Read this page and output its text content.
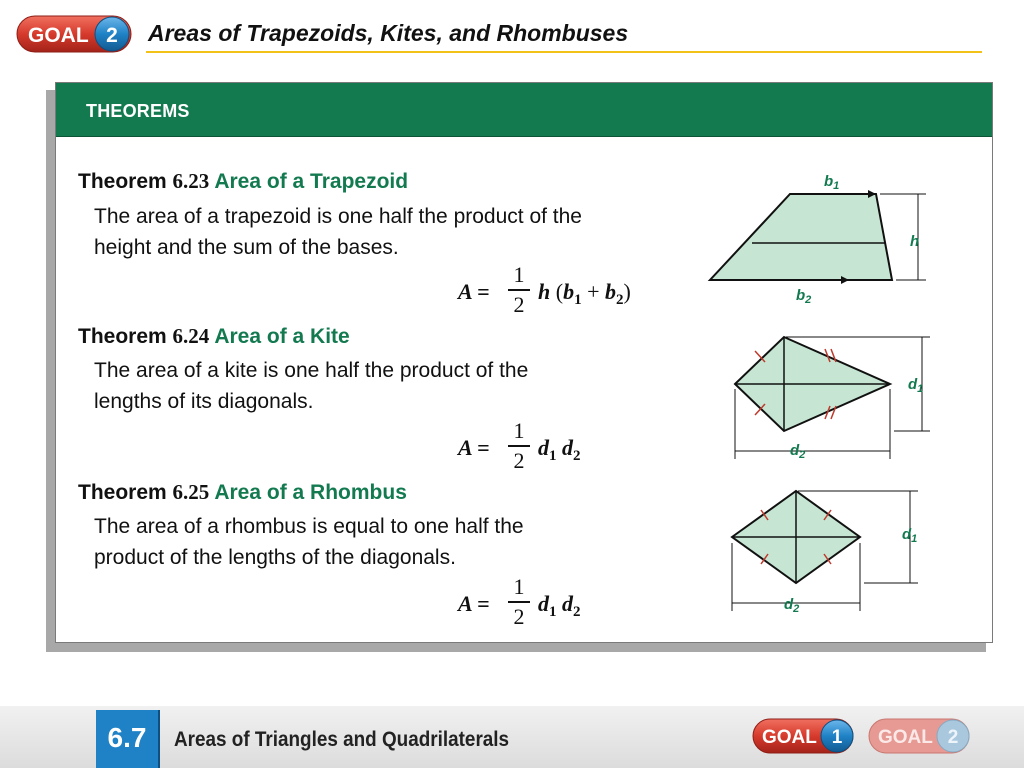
GOAL 2 Areas of Trapezoids, Kites, and Rhombuses
THEOREMS

Theorem 6.23 Area of a Trapezoid

The area of a trapezoid is one half the product of the
height and the sum of the bases.

A =
1
2 h $(b_1 + b_2)$

Theorem 6.24 Area of a Kite

The area of a kite is one half the product of the
lengths of its diagonals.

A =
1
2 $d_1$ $d_2$

Theorem 6.25 Area of a Rhombus

The area of a rhombus is equal to one half the
product of the lengths of the diagonals.

A =
1
2 $d_1$ $d_2$
$b_1$
h
$b_2$
$d_1$
$d_2$
$d_1$
$d_2$
6.7	Areas of Triangles and Quadrilaterals	GOAL 1 GOAL 2
